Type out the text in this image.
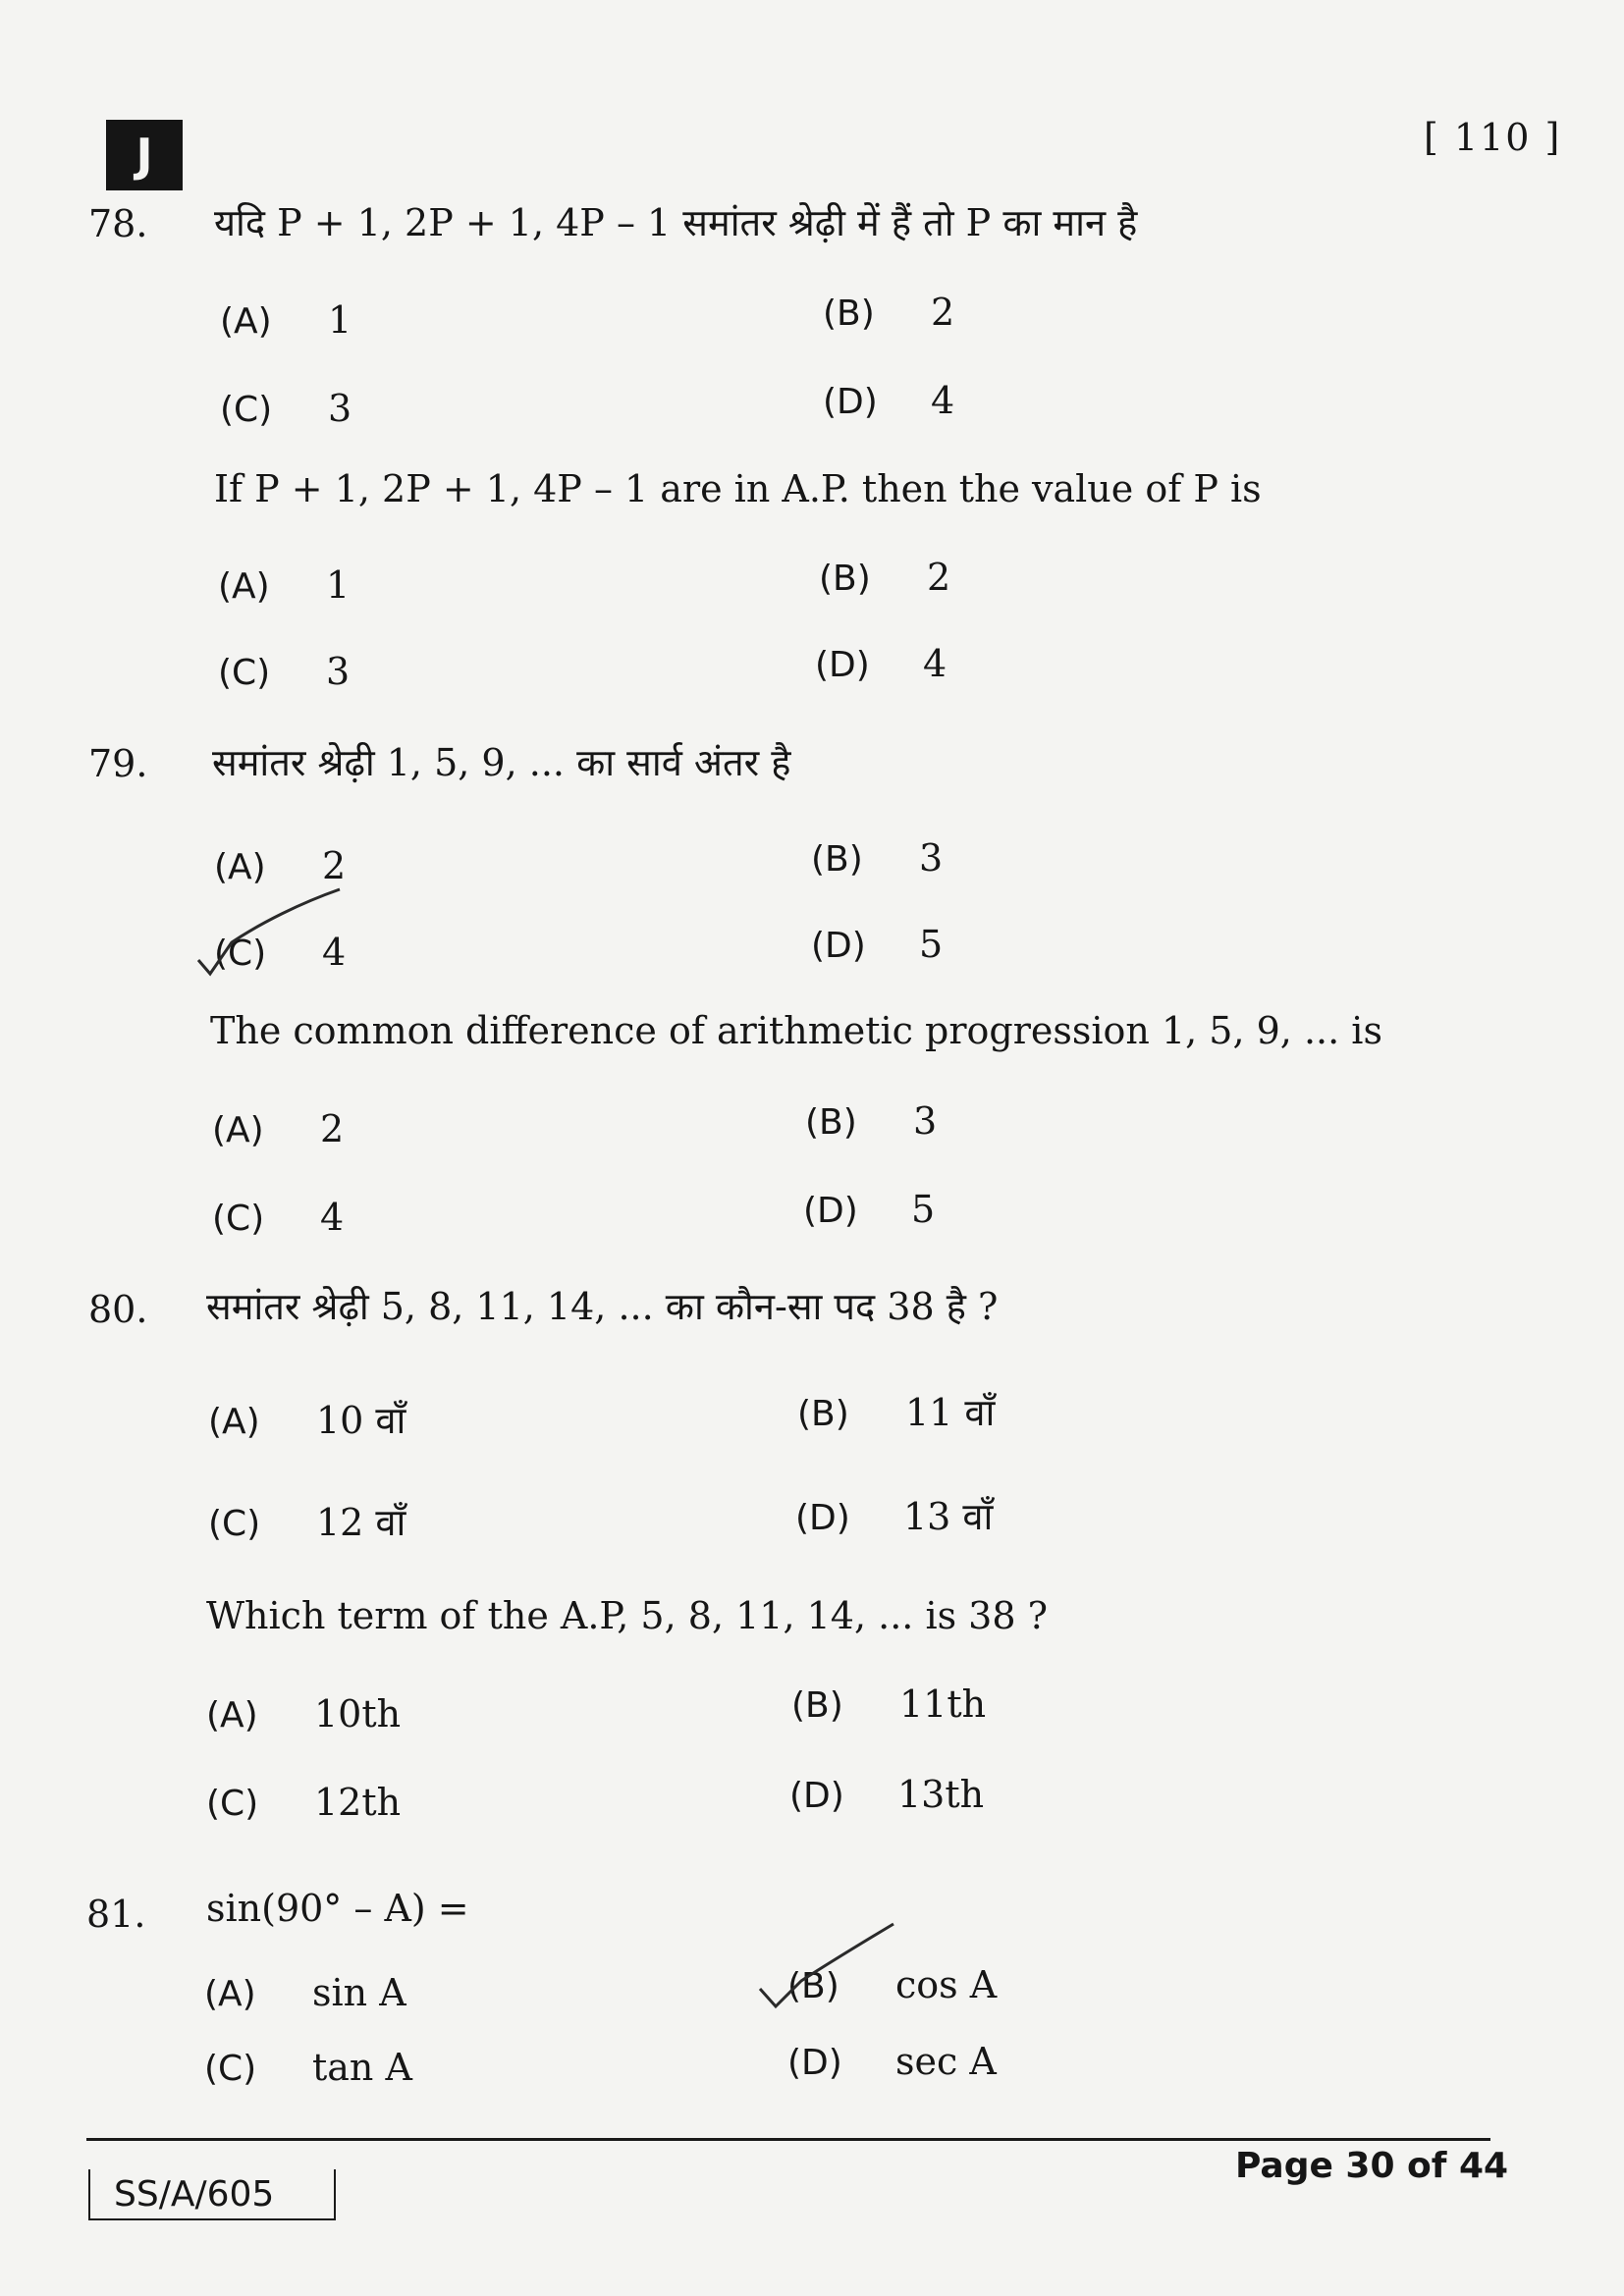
J	[ 110 ]
78. यदि P + 1, 2P + 1, 4P – 1 समांतर श्रेढ़ी में हैं तो P का मान है
(A) 1	(B) 2
(C) 3	(D) 4
If P + 1, 2P + 1, 4P – 1 are in A.P. then the value of P is
(A) 1	(B) 2
(C) 3	(D) 4
79. समांतर श्रेढ़ी 1, 5, 9, ... का सार्व अंतर है
(A) 2	(B) 3
(C) 4	(D) 5
The common difference of arithmetic progression 1, 5, 9, ... is
(A) 2	(B) 3
(C) 4	(D) 5
80. समांतर श्रेढ़ी 5, 8, 11, 14, ... का कौन-सा पद 38 है ?
(A) 10 वाँ	(B) 11 वाँ
(C) 12 वाँ	(D) 13 वाँ
Which term of the A.P, 5, 8, 11, 14, ... is 38 ?
(A) 10th	(B) 11th
(C) 12th	(D) 13th
81. sin(90° – A) =
(A) sin A	(B) cos A
(C) tan A	(D) sec A
SS/A/605
Page 30 of 44
